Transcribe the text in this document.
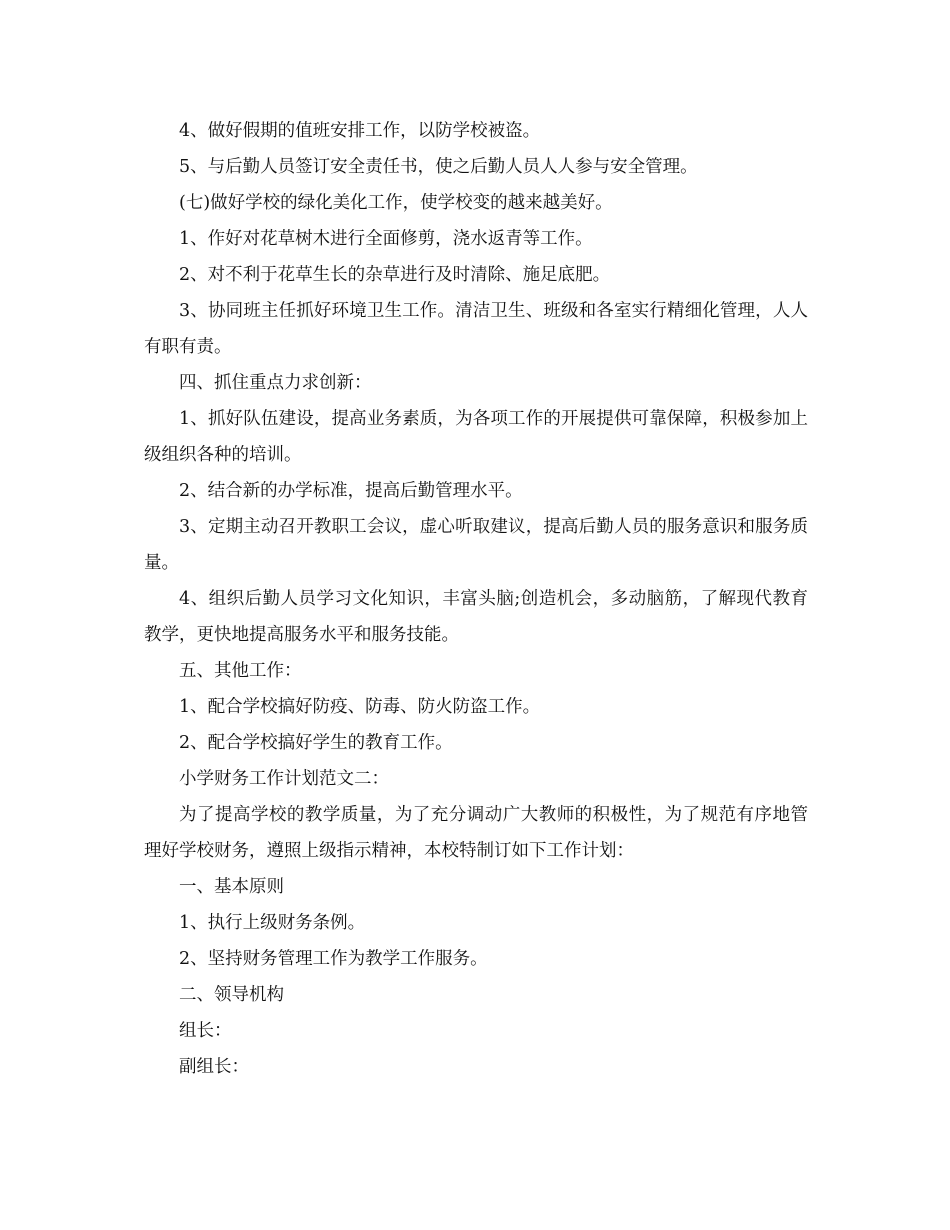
4、做好假期的值班安排工作，以防学校被盗。

5、与后勤人员签订安全责任书，使之后勤人员人人参与安全管理。

(七)做好学校的绿化美化工作，使学校变的越来越美好。

1、作好对花草树木进行全面修剪，浇水返青等工作。

2、对不利于花草生长的杂草进行及时清除、施足底肥。

3、协同班主任抓好环境卫生工作。清洁卫生、班级和各室实行精细化管理，人人有职有责。

四、抓住重点力求创新：

1、抓好队伍建设，提高业务素质，为各项工作的开展提供可靠保障，积极参加上级组织各种的培训。

2、结合新的办学标准，提高后勤管理水平。

3、定期主动召开教职工会议，虚心听取建议，提高后勤人员的服务意识和服务质量。

4、组织后勤人员学习文化知识，丰富头脑;创造机会，多动脑筋，了解现代教育教学，更快地提高服务水平和服务技能。

五、其他工作：

1、配合学校搞好防疫、防毒、防火防盗工作。

2、配合学校搞好学生的教育工作。

小学财务工作计划范文二：

为了提高学校的教学质量，为了充分调动广大教师的积极性，为了规范有序地管理好学校财务，遵照上级指示精神，本校特制订如下工作计划：

一、基本原则

1、执行上级财务条例。

2、坚持财务管理工作为教学工作服务。

二、领导机构

组长：

副组长：
